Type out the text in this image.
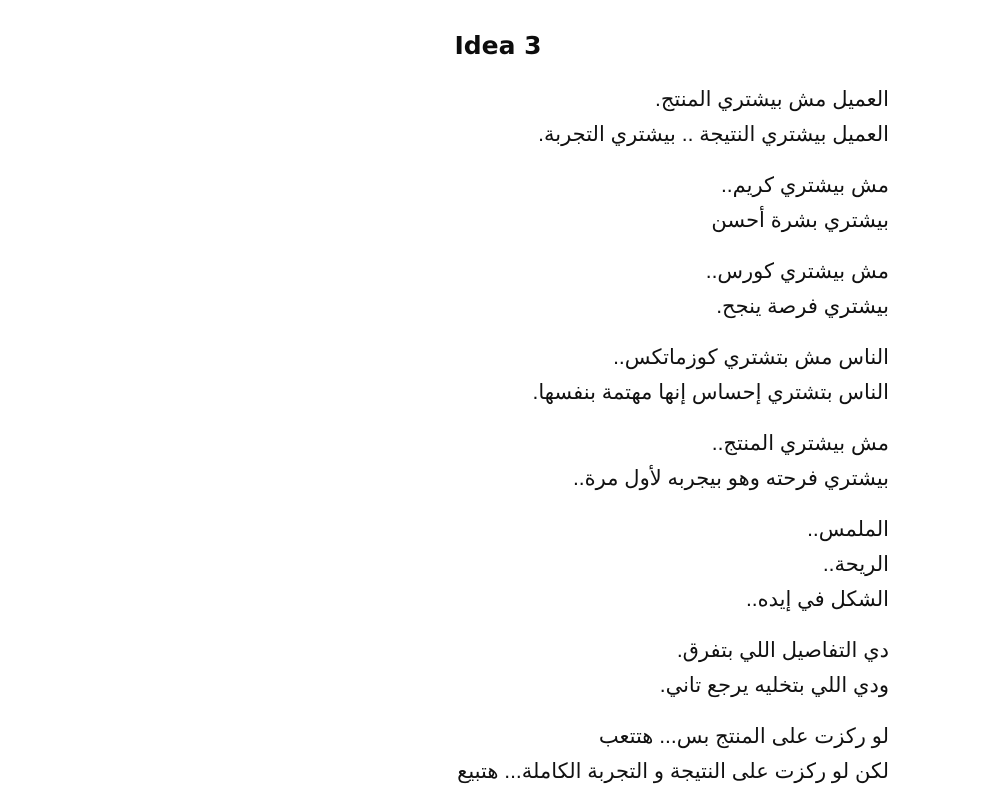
Idea 3
العميل مش بيشتري المنتج.
العميل بيشتري النتيجة .. بيشتري التجربة.
مش بيشتري كريم..
بيشتري بشرة أحسن
مش بيشتري كورس..
بيشتري فرصة ينجح.
الناس مش بتشتري كوزماتكس..
الناس بتشتري إحساس إنها مهتمة بنفسها.
مش بيشتري المنتج..
بيشتري فرحته وهو بيجربه لأول مرة..
الملمس..
الريحة..
الشكل في إيده..
دي التفاصيل اللي بتفرق.
ودي اللي بتخليه يرجع تاني.
لو ركزت على المنتج بس... هتتعب
لكن لو ركزت على النتيجة و التجربة الكاملة... هتبيع
